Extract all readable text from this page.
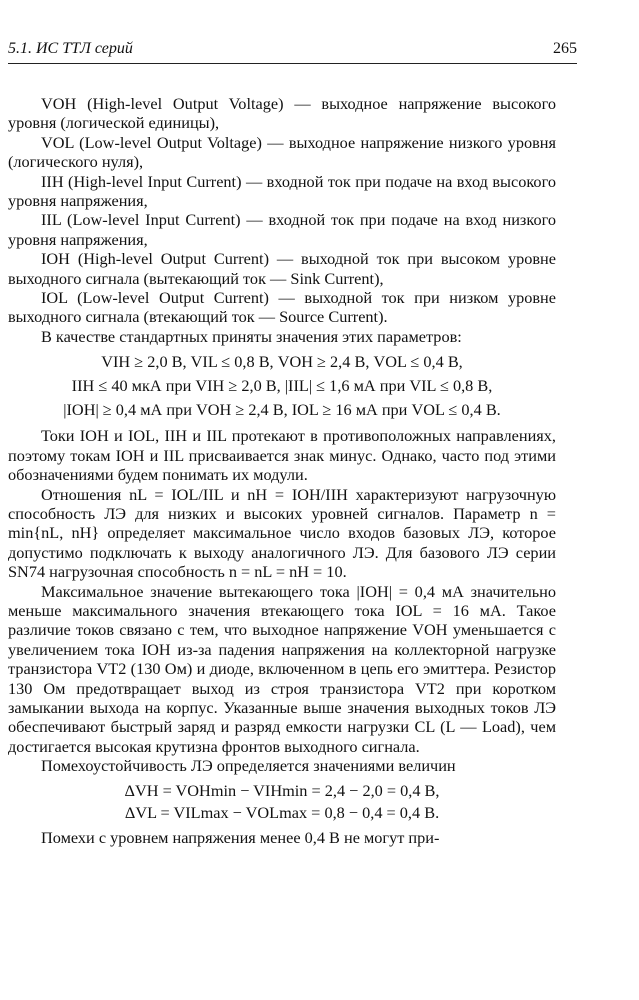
5.1. ИС ТТЛ серий	265

VOH (High-level Output Voltage) — выходное напряжение высокого уровня (логической единицы),

VOL (Low-level Output Voltage) — выходное напряжение низкого уровня (логического нуля),

IIH (High-level Input Current) — входной ток при подаче на вход высокого уровня напряжения,

IIL (Low-level Input Current) — входной ток при подаче на вход низкого уровня напряжения,

IOH (High-level Output Current) — выходной ток при высоком уровне выходного сигнала (вытекающий ток — Sink Current),

IOL (Low-level Output Current) — выходной ток при низком уровне выходного сигнала (втекающий ток — Source Current).

В качестве стандартных приняты значения этих параметров:

VIH ≥ 2,0 В, VIL ≤ 0,8 В, VOH ≥ 2,4 В, VOL ≤ 0,4 В,

IIH ≤ 40 мкА при VIH ≥ 2,0 В, |IIL| ≤ 1,6 мА при VIL ≤ 0,8 В,

|IOH| ≥ 0,4 мА при VOH ≥ 2,4 В, IOL ≥ 16 мА при VOL ≤ 0,4 В.

Токи IOH и IOL, IIH и IIL протекают в противоположных направлениях, поэтому токам IOH и IIL присваивается знак минус. Однако, часто под этими обозначениями будем понимать их модули.

Отношения nL = IOL/IIL и nH = IOH/IIH характеризуют нагрузочную способность ЛЭ для низких и высоких уровней сигналов. Параметр n = min{nL, nH} определяет максимальное число входов базовых ЛЭ, которое допустимо подключать к выходу аналогичного ЛЭ. Для базового ЛЭ серии SN74 нагрузочная способность n = nL = nH = 10.

Максимальное значение вытекающего тока |IOH| = 0,4 мА значительно меньше максимального значения втекающего тока IOL = 16 мА. Такое различие токов связано с тем, что выходное напряжение VOH уменьшается с увеличением тока IOH из-за падения напряжения на коллекторной нагрузке транзистора VT2 (130 Ом) и диоде, включенном в цепь его эмиттера. Резистор 130 Ом предотвращает выход из строя транзистора VT2 при коротком замыкании выхода на корпус. Указанные выше значения выходных токов ЛЭ обеспечивают быстрый заряд и разряд емкости нагрузки CL (L — Load), чем достигается высокая крутизна фронтов выходного сигнала.

Помехоустойчивость ЛЭ определяется значениями величин

ΔVH = VOHmin − VIHmin = 2,4 − 2,0 = 0,4 В,

ΔVL = VILmax − VOLmax = 0,8 − 0,4 = 0,4 В.

Помехи с уровнем напряжения менее 0,4 В не могут при-
